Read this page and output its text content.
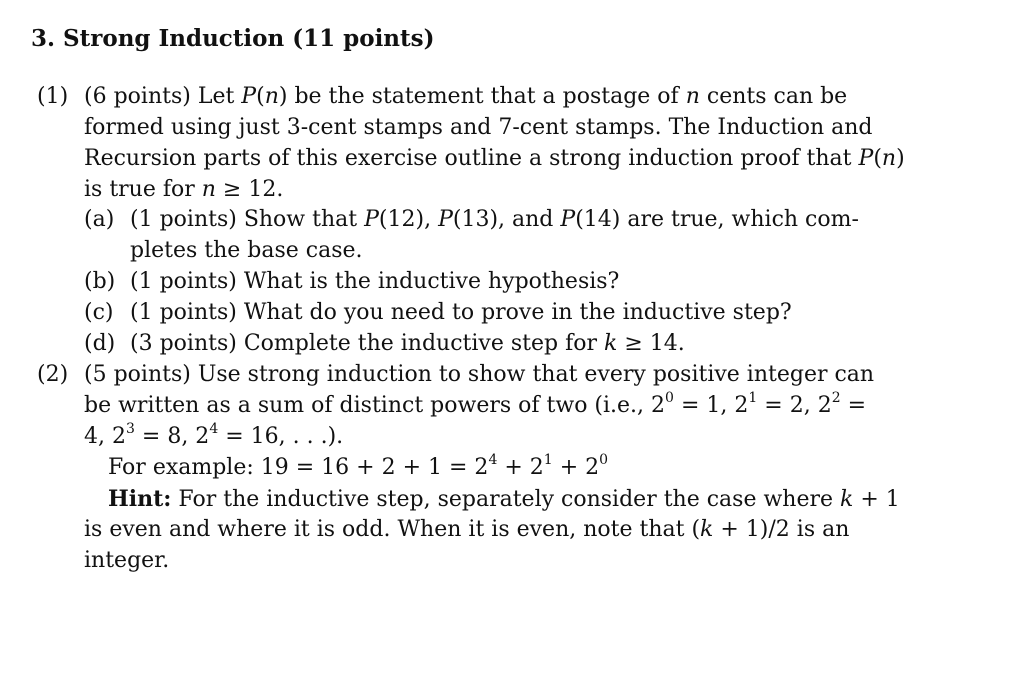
3. Strong Induction (11 points)
(1) (6 points) Let P(n) be the statement that a postage of n cents can be
formed using just 3-cent stamps and 7-cent stamps. The Induction and
Recursion parts of this exercise outline a strong induction proof that P(n)
is true for n ≥ 12.
(a) (1 points) Show that P(12), P(13), and P(14) are true, which com-
pletes the base case.
(b) (1 points) What is the inductive hypothesis?
(c) (1 points) What do you need to prove in the inductive step?
(d) (3 points) Complete the inductive step for k ≥ 14.
(2) (5 points) Use strong induction to show that every positive integer can
be written as a sum of distinct powers of two (i.e., $2^0 = 1$, $2^1 = 2$, $2^2$ =
4, $2^3 = 8$, $2^4 = 16$, . . .).
For example: $19 = 16 + 2 + 1 = 2^4 + 2^1 + 2^0$
Hint: For the inductive step, separately consider the case where k + 1
is even and where it is odd. When it is even, note that (k + 1)/2 is an
integer.
